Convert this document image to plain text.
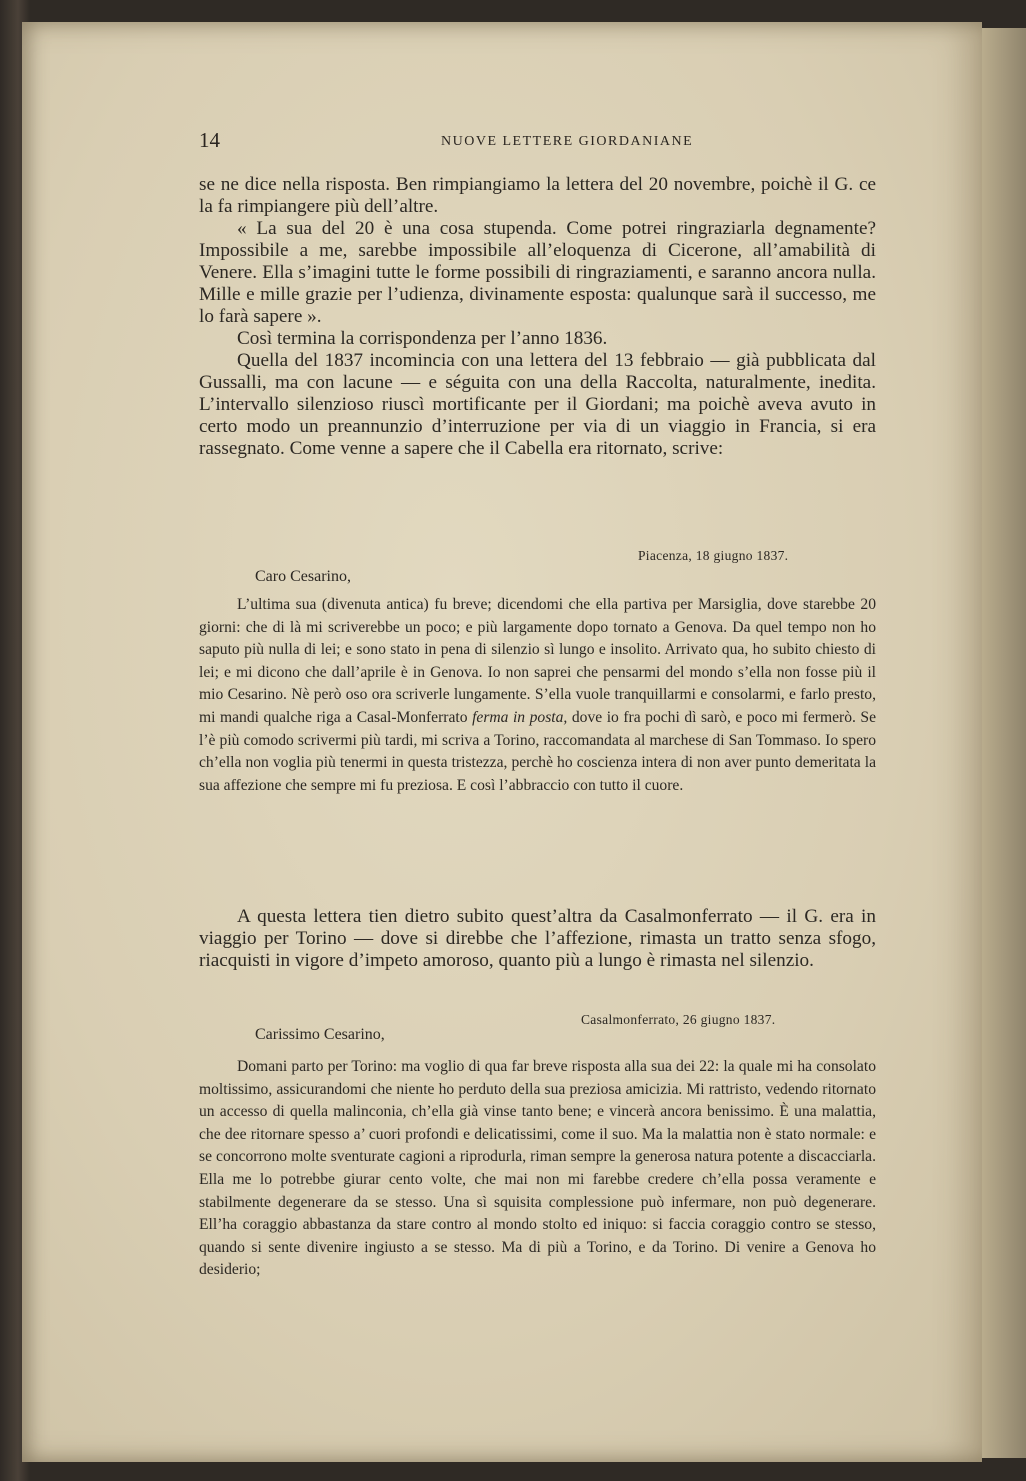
14	NUOVE LETTERE GIORDANIANE

se ne dice nella risposta. Ben rimpiangiamo la lettera del 20 novembre, poichè il G. ce la fa rimpiangere più dell’altre.

« La sua del 20 è una cosa stupenda. Come potrei ringraziarla degnamente? Impossibile a me, sarebbe impossibile all’eloquenza di Cicerone, all’amabilità di Venere. Ella s’imagini tutte le forme possibili di ringraziamenti, e saranno ancora nulla. Mille e mille grazie per l’udienza, divinamente esposta: qualunque sarà il successo, me lo farà sapere ».

Così termina la corrispondenza per l’anno 1836.

Quella del 1837 incomincia con una lettera del 13 febbraio — già pubblicata dal Gussalli, ma con lacune — e séguita con una della Raccolta, naturalmente, inedita. L’intervallo silenzioso riuscì mortificante per il Giordani; ma poichè aveva avuto in certo modo un preannunzio d’interruzione per via di un viaggio in Francia, si era rassegnato. Come venne a sapere che il Cabella era ritornato, scrive:

Piacenza, 18 giugno 1837.
Caro Cesarino,

L’ultima sua (divenuta antica) fu breve; dicendomi che ella partiva per Marsiglia, dove starebbe 20 giorni: che di là mi scriverebbe un poco; e più largamente dopo tornato a Genova. Da quel tempo non ho saputo più nulla di lei; e sono stato in pena di silenzio sì lungo e insolito. Arrivato qua, ho subito chiesto di lei; e mi dicono che dall’aprile è in Genova. Io non saprei che pensarmi del mondo s’ella non fosse più il mio Cesarino. Nè però oso ora scriverle lungamente. S’ella vuole tranquillarmi e consolarmi, e farlo presto, mi mandi qualche riga a Casal-Monferrato ferma in posta, dove io fra pochi dì sarò, e poco mi fermerò. Se l’è più comodo scrivermi più tardi, mi scriva a Torino, raccomandata al marchese di San Tommaso. Io spero ch’ella non voglia più tenermi in questa tristezza, perchè ho coscienza intera di non aver punto demeritata la sua affezione che sempre mi fu preziosa. E così l’abbraccio con tutto il cuore.

A questa lettera tien dietro subito quest’altra da Casalmonferrato — il G. era in viaggio per Torino — dove si direbbe che l’affezione, rimasta un tratto senza sfogo, riacquisti in vigore d’impeto amoroso, quanto più a lungo è rimasta nel silenzio.

Casalmonferrato, 26 giugno 1837.
Carissimo Cesarino,

Domani parto per Torino: ma voglio di qua far breve risposta alla sua dei 22: la quale mi ha consolato moltissimo, assicurandomi che niente ho perduto della sua preziosa amicizia. Mi rattristo, vedendo ritornato un accesso di quella malinconia, ch’ella già vinse tanto bene; e vincerà ancora benissimo. È una malattia, che dee ritornare spesso a’ cuori profondi e delicatissimi, come il suo. Ma la malattia non è stato normale: e se concorrono molte sventurate cagioni a riprodurla, riman sempre la generosa natura potente a discacciarla. Ella me lo potrebbe giurar cento volte, che mai non mi farebbe credere ch’ella possa veramente e stabilmente degenerare da se stesso. Una sì squisita complessione può infermare, non può degenerare. Ell’ha coraggio abbastanza da stare contro al mondo stolto ed iniquo: si faccia coraggio contro se stesso, quando si sente divenire ingiusto a se stesso. Ma di più a Torino, e da Torino. Di venire a Genova ho desiderio;
